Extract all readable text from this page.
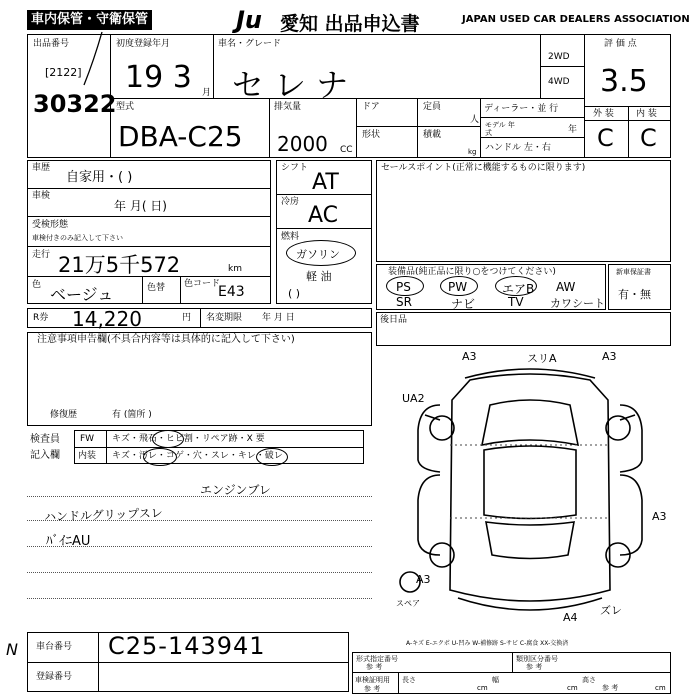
車内保管・守衛保管	Ju 愛知 出品申込書	JAPAN USED CAR DEALERS ASSOCIATION
出品番号
[2122]
30322
初度登録年月
19 3 月
車名・グレード
セレナ
2WD
4WD
評 価 点
3.5
外 装 内 装
C C
型式
DBA-C25
排気量
2000 CC
ドア	定員
人
形状	積載
kg
ディーラー・並 行
モデル 年式	年
ハンドル 左・右
車歴
自家用・( )
車検
年 月( 日)
受検形態
車検付きのみ記入して下さい
走行 21万5千572	km
色 ベージュ	色替 色コード
E43
シフト
AT
冷房
AC
燃料
ガソリン
軽 油
( )
セールスポイント(正常に機能するものに限ります)
装備品(純正品に限り○をつけてください)
PS	PW	エアB AW
SR	ナビ	TV カワシート
新車保証書
有・無
R券 14,220	円 名変期限 年 月 日	後日品
注意事項申告欄(不具合内容等は具体的に記入して下さい)
修復歴	有 (箇所 )
検査員
記入欄
FW キズ・飛石・ヒビ割・リペア跡・X 要
内装 キズ・汚レ・コゲ・穴・スレ・キレ・破レ
エンジンブレ
ハンドルグリップスレ
ﾊﾞｲﾆAU
A3	スリA	A3
UA2
A3
A3
A4
ズレ
スペア
A-キズ E-エクボ U-凹み W-補修跡 S-サビ C-腐食 XX-交換済
車台番号 C25-143941
登録番号
N	形式指定番号
参 考
類別区分番号
参 考
車検証明用
参 考
長さ
cm
幅
cm
高さ
参 考	cm
